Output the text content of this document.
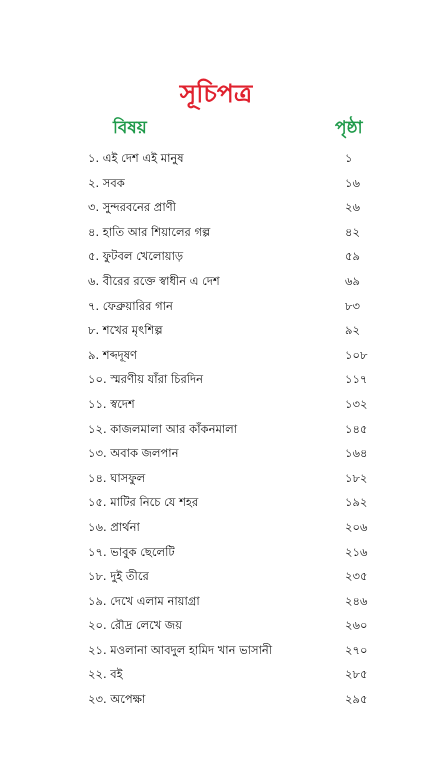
সূচিপত্র
বিষয়	পৃষ্ঠা
১. এই দেশ এই মানুষ	১
২. সবক	১৬
৩. সুন্দরবনের প্রাণী	২৬
৪. হাতি আর শিয়ালের গল্প	৪২
৫. ফুটবল খেলোয়াড়	৫৯
৬. বীরের রক্তে স্বাধীন এ দেশ	৬৯
৭. ফেব্রুয়ারির গান	৮৩
৮. শখের মৃৎশিল্প	৯২
৯. শব্দদূষণ	১০৮
১০. স্মরণীয় যাঁরা চিরদিন	১১৭
১১. স্বদেশ	১৩২
১২. কাজলমালা আর কাঁকনমালা	১৪৫
১৩. অবাক জলপান	১৬৪
১৪. ঘাসফুল	১৮২
১৫. মাটির নিচে যে শহর	১৯২
১৬. প্রার্থনা	২০৬
১৭. ভাবুক ছেলেটি	২১৬
১৮. দুই তীরে	২৩৫
১৯. দেখে এলাম নায়াগ্রা	২৪৬
২০. রৌদ্র লেখে জয়	২৬০
২১. মওলানা আবদুল হামিদ খান ভাসানী	২৭০
২২. বই	২৮৫
২৩. অপেক্ষা	২৯৫
